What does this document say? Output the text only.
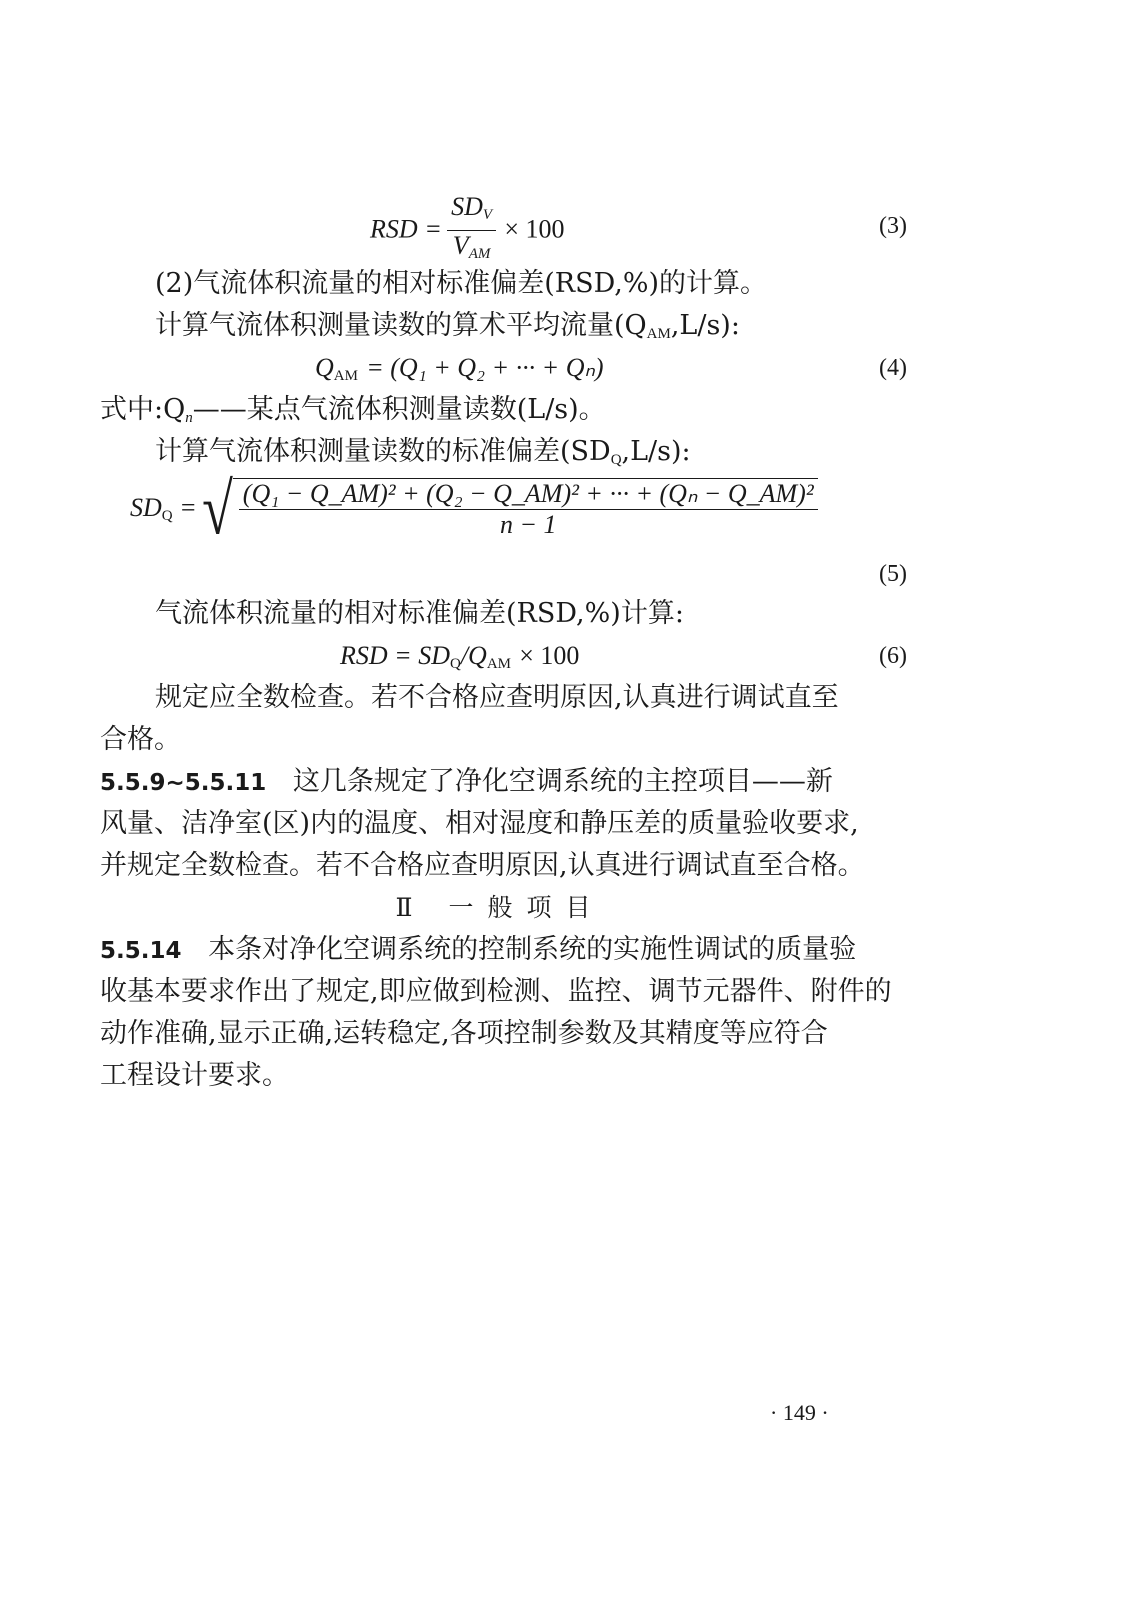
RSD = $\frac{SD_V}{V_{AM}} \times 100$	(3)
(2)气流体积流量的相对标准偏差(RSD,%)的计算。
计算气流体积测量读数的算术平均流量$(Q_{AM},L/s)$:
$Q_{AM} = (Q_1 + Q_2$ + ··· + Qₙ)	(4)
式中$:Q_n——$某点气流体积测量读数(L/s)。
计算气流体积测量读数的标准偏差$(SD_Q,L/s)$:
$SD_Q$ = √ $\frac{\text{(Q₁ − Q\_AM)² + (Q₂ − Q\_AM)² + ··· + (Qₙ − Q\_AM)²}}{n - 1}$
(5)
气流体积流量的相对标准偏差(RSD,%)计算:
RSD = $SD_Q/Q_{AM} \times 100$	(6)
规定应全数检查。若不合格应查明原因,认真进行调试直至
合格。
5.5.9~5.5.11 这几条规定了净化空调系统的主控项目——新
风量、洁净室(区)内的温度、相对湿度和静压差的质量验收要求,
并规定全数检查。若不合格应查明原因,认真进行调试直至合格。
Ⅱ 一般项目
5.5.14 本条对净化空调系统的控制系统的实施性调试的质量验
收基本要求作出了规定,即应做到检测、监控、调节元器件、附件的
动作准确,显示正确,运转稳定,各项控制参数及其精度等应符合
工程设计要求。
· 149 ·
